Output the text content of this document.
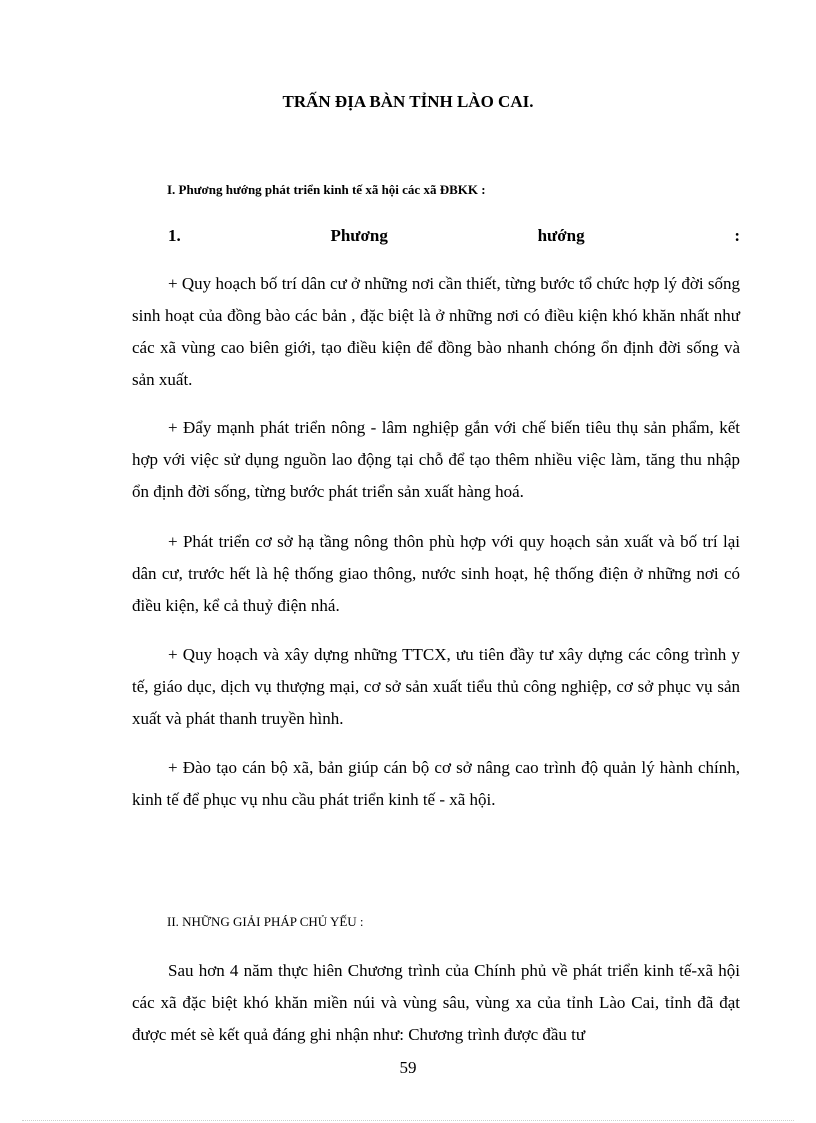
TRẤN ĐỊA BÀN TỈNH LÀO CAI.
I. Phương hướng phát triển kinh tế xã hội các xã ĐBKK :
1.	Phương	hướng	:
+ Quy hoạch bố trí dân cư ở những nơi cần thiết, từng bước tổ chức hợp lý đời sống sinh hoạt của đồng bào các bản , đặc biệt là ở những nơi có điều kiện khó khăn nhất như các xã vùng cao biên giới, tạo điều kiện để đồng bào nhanh chóng ổn định đời sống và sản xuất.
+ Đẩy mạnh phát triển nông - lâm nghiệp gắn với chế biến tiêu thụ sản phẩm, kết hợp với việc sử dụng nguồn lao động tại chỗ để tạo thêm nhiều việc làm, tăng thu nhập ổn định đời sống, từng bước phát triển sản xuất hàng hoá.
+ Phát triển cơ sở hạ tầng nông thôn phù hợp với quy hoạch sản xuất và bố trí lại dân cư, trước hết là hệ thống giao thông, nước sinh hoạt, hệ thống điện ở những nơi có điều kiện, kể cả thuỷ điện nhá.
+ Quy hoạch và xây dựng những TTCX, ưu tiên đầy tư xây dựng các công trình y tế, giáo dục, dịch vụ thượng mại, cơ sở sản xuất tiểu thủ công nghiệp, cơ sở phục vụ sản xuất và phát thanh truyền hình.
+ Đào tạo cán bộ xã, bản giúp cán bộ cơ sở nâng cao trình độ quản lý hành chính, kinh tế để phục vụ nhu cầu phát triển kinh tế - xã hội.
II. NHỮNG GIẢI PHÁP CHỦ YẾU :
Sau hơn 4 năm thực hiên Chương trình của Chính phủ về phát triển kinh tế-xã hội các xã đặc biệt khó khăn miền núi và vùng sâu, vùng xa của tỉnh Lào Cai, tỉnh đã đạt được mét sè kết quả đáng ghi nhận như: Chương trình được đầu tư
59
